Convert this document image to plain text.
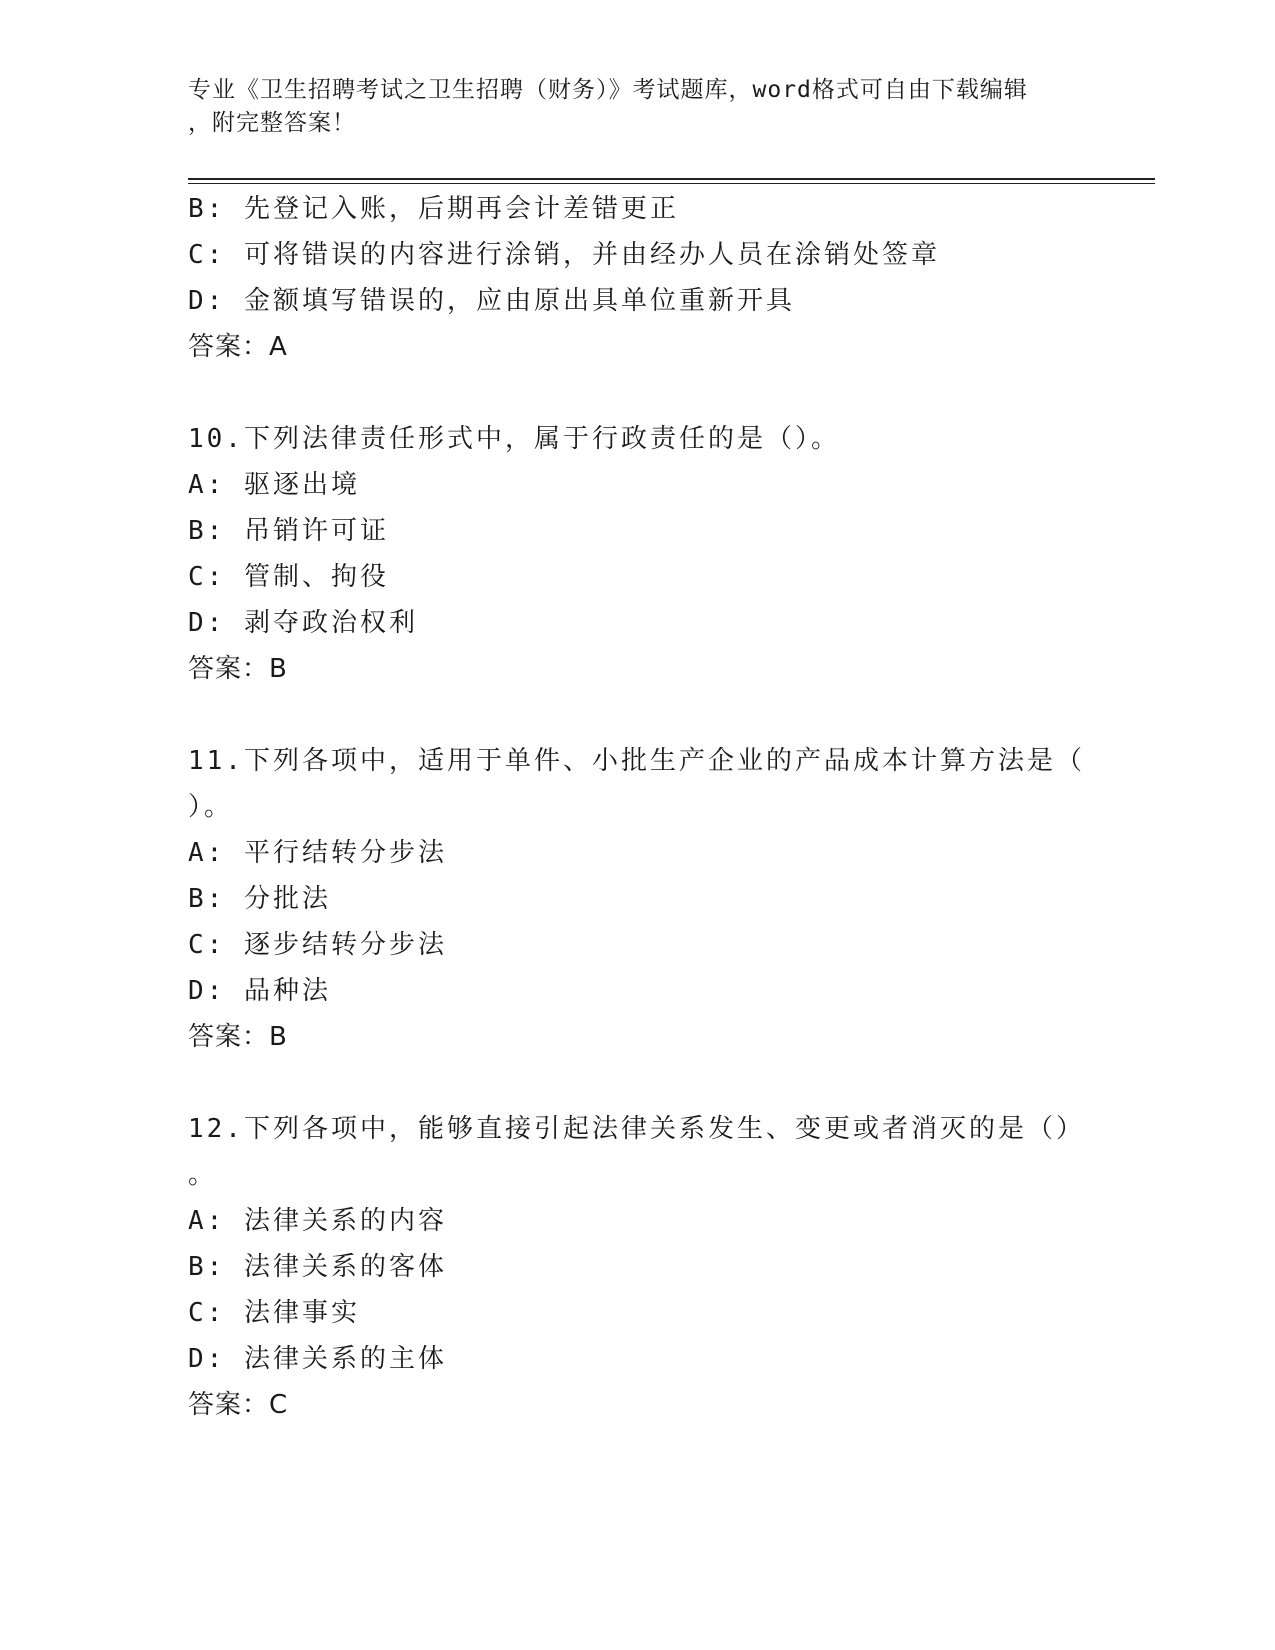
专业《卫生招聘考试之卫生招聘（财务）》考试题库，word格式可自由下载编辑
，附完整答案！
B: 先登记入账，后期再会计差错更正
C: 可将错误的内容进行涂销，并由经办人员在涂销处签章
D: 金额填写错误的，应由原出具单位重新开具
答案：A
10.下列法律责任形式中，属于行政责任的是（）。
A: 驱逐出境
B: 吊销许可证
C: 管制、拘役
D: 剥夺政治权利
答案：B
11.下列各项中，适用于单件、小批生产企业的产品成本计算方法是（
）。
A: 平行结转分步法
B: 分批法
C: 逐步结转分步法
D: 品种法
答案：B
12.下列各项中，能够直接引起法律关系发生、变更或者消灭的是（）
。
A: 法律关系的内容
B: 法律关系的客体
C: 法律事实
D: 法律关系的主体
答案：C
